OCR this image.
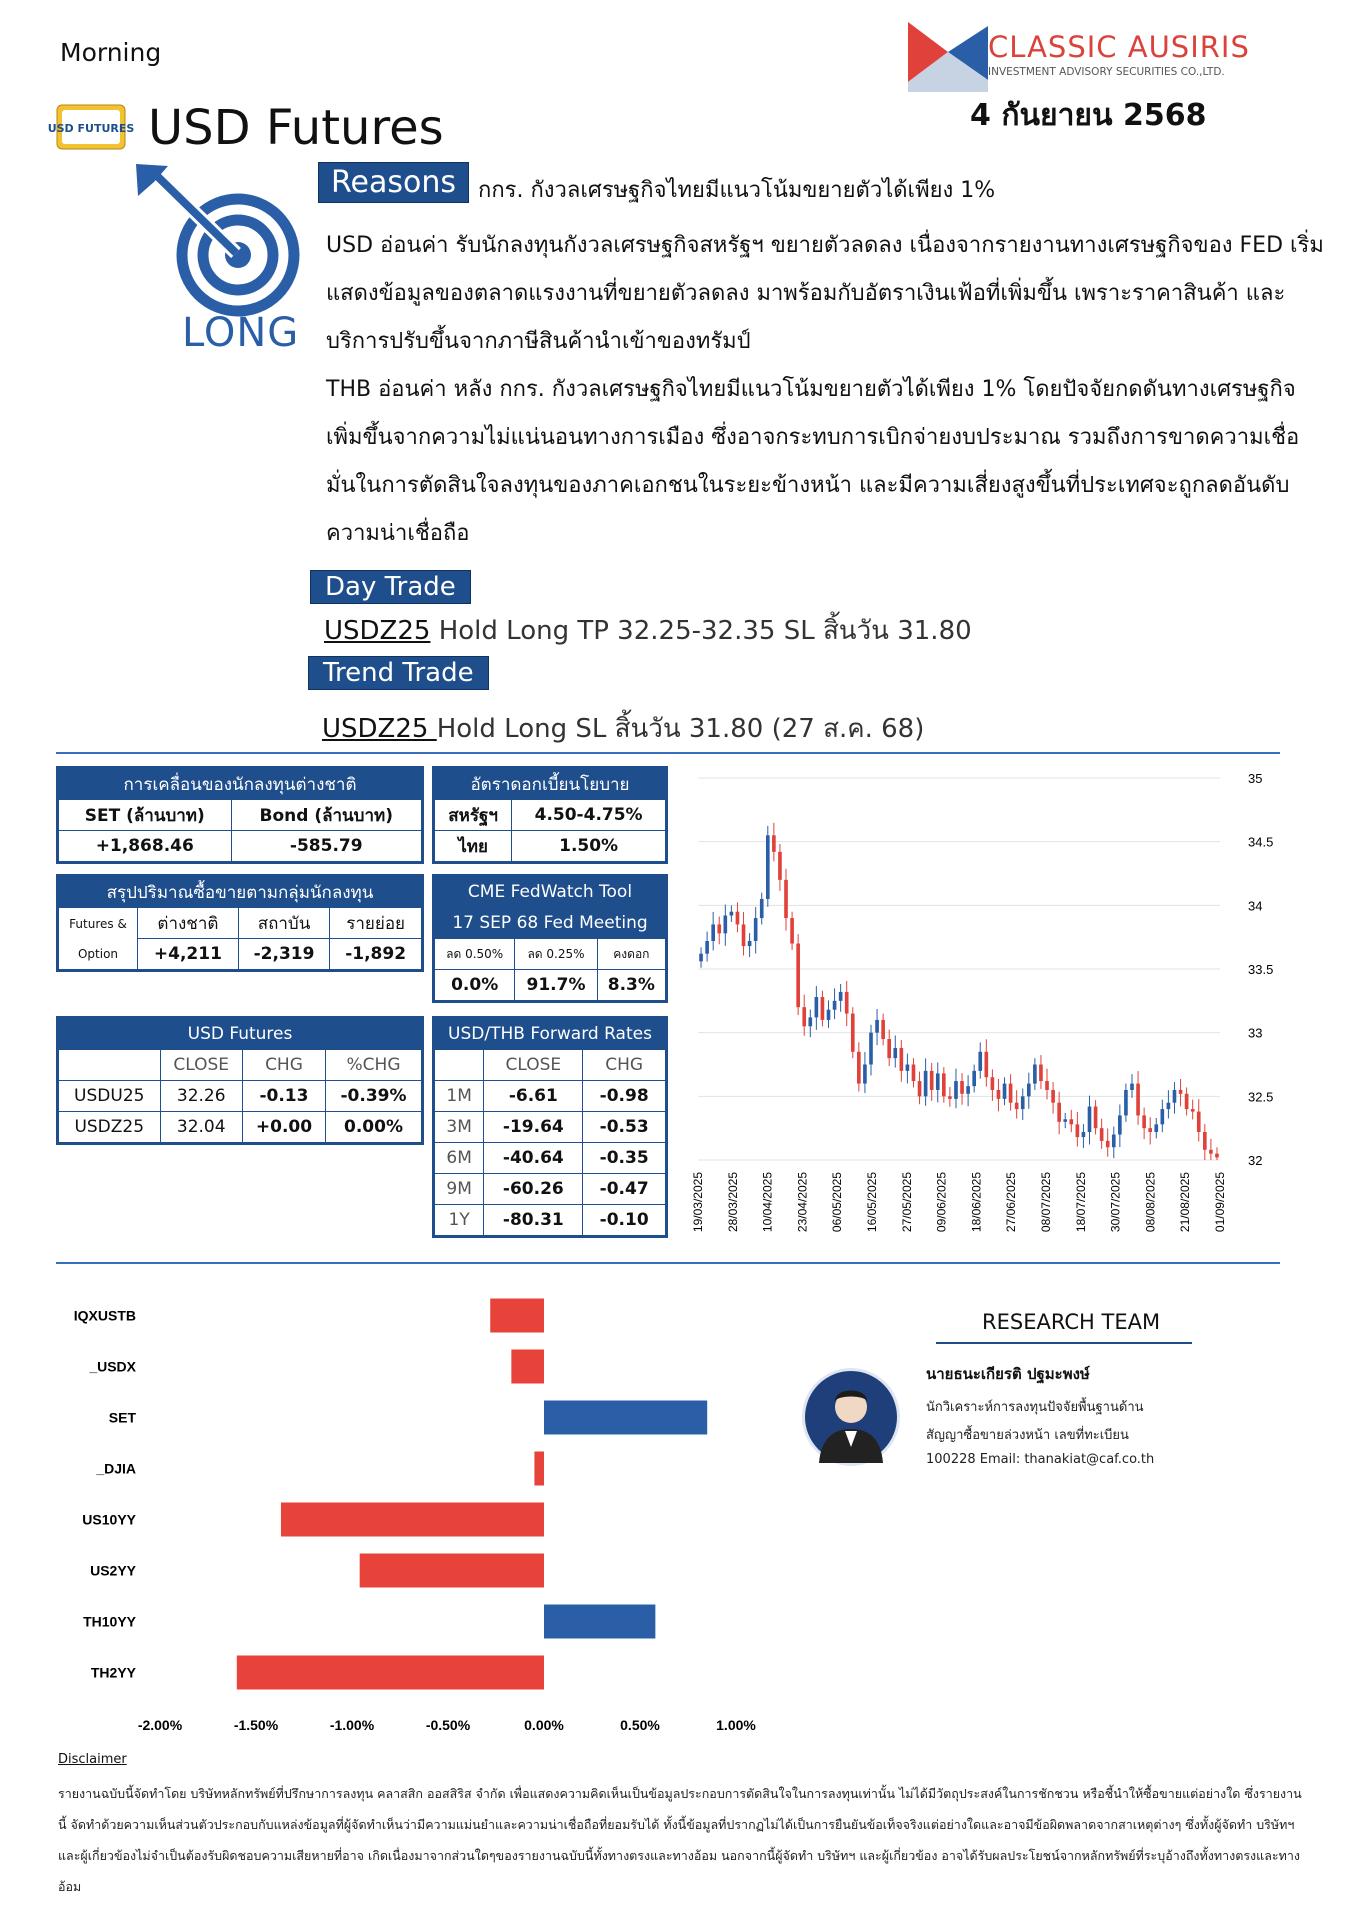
Morning	CLASSIC AUSIRIS
INVESTMENT ADVISORY SECURITIES CO.,LTD.
4 กันยายน 2568
USD FUTURES USD Futures
LONG
Reasons	กกร. กังวลเศรษฐกิจไทยมีแนวโน้มขยายตัวได้เพียง 1%
USD อ่อนค่า รับนักลงทุนกังวลเศรษฐกิจสหรัฐฯ ขยายตัวลดลง เนื่องจากรายงานทางเศรษฐกิจของ FED เริ่มแสดงข้อมูลของตลาดแรงงานที่ขยายตัวลดลง มาพร้อมกับอัตราเงินเฟ้อที่เพิ่มขึ้น เพราะราคาสินค้า และบริการปรับขึ้นจากภาษีสินค้านำเข้าของทรัมป์
THB อ่อนค่า หลัง กกร. กังวลเศรษฐกิจไทยมีแนวโน้มขยายตัวได้เพียง 1% โดยปัจจัยกดดันทางเศรษฐกิจ เพิ่มขึ้นจากความไม่แน่นอนทางการเมือง ซึ่งอาจกระทบการเบิกจ่ายงบประมาณ รวมถึงการขาดความเชื่อมั่นในการตัดสินใจลงทุนของภาคเอกชนในระยะข้างหน้า และมีความเสี่ยงสูงขึ้นที่ประเทศจะถูกลดอันดับความน่าเชื่อถือ
Day Trade
USDZ25 Hold Long TP 32.25-32.35 SL สิ้นวัน 31.80
Trend Trade
USDZ25 Hold Long SL สิ้นวัน 31.80 (27 ส.ค. 68)
การเคลื่อนของนักลงทุนต่างชาติ	
SET (ล้านบาท)	Bond (ล้านบาท)
+1,868.46	-585.79
สรุปปริมาณซื้อขายตามกลุ่มนักลงทุน			
Futures &
Option	ต่างชาติ	สถาบัน	รายย่อย
	+4,211	-2,319	-1,892
USD Futures			
	CLOSE	CHG	%CHG
USDU25	32.26	-0.13	-0.39%
USDZ25	32.04	+0.00	0.00%
อัตราดอกเบี้ยนโยบาย	
สหรัฐฯ	4.50-4.75%
ไทย	1.50%
CME FedWatch Tool		
17 SEP 68 Fed Meeting		
ลด 0.50%	ลด 0.25%	คงดอก
0.0%	91.7%	8.3%
USD/THB Forward Rates		
	CLOSE	CHG
1M	-6.61	-0.98
3M	-19.64	-0.53
6M	-40.64	-0.35
9M	-60.26	-0.47
1Y	-80.31	-0.10
35
34.5
34
33.5
33
32.5
32
19/03/2025 28/03/2025 10/04/2025 23/04/2025 06/05/2025 16/05/2025 27/05/2025 09/06/2025 18/06/2025 27/06/2025 08/07/2025 18/07/2025 30/07/2025 08/08/2025 21/08/2025 01/09/2025
IQXUSTB
_USDX
SET
_DJIA
US10YY
US2YY
TH10YY
TH2YY
-2.00%	-1.50%	-1.00%	-0.50%	0.00%	0.50%	1.00%
RESEARCH TEAM
นายธนะเกียรติ ปฐมะพงษ์
นักวิเคราะห์การลงทุนปัจจัยพื้นฐานด้าน
สัญญาซื้อขายล่วงหน้า เลขที่ทะเบียน
100228 Email: thanakiat@caf.co.th
Disclaimer
รายงานฉบับนี้จัดทำโดย บริษัทหลักทรัพย์ที่ปรึกษาการลงทุน คลาสสิก ออสสิริส จำกัด เพื่อแสดงความคิดเห็นเป็นข้อมูลประกอบการตัดสินใจในการลงทุนเท่านั้น ไม่ได้มีวัตถุประสงค์ในการชักชวน หรือชี้นำให้ซื้อขายแต่อย่างใด ซึ่งรายงานนี้ จัดทำด้วยความเห็นส่วนตัวประกอบกับแหล่งข้อมูลที่ผู้จัดทำเห็นว่ามีความแม่นยำและความน่าเชื่อถือที่ยอมรับได้ ทั้งนี้ข้อมูลที่ปรากฏไม่ได้เป็นการยืนยันข้อเท็จจริงแต่อย่างใดและอาจมีข้อผิดพลาดจากสาเหตุต่างๆ ซึ่งทั้งผู้จัดทำ บริษัทฯ และผู้เกี่ยวข้องไม่จำเป็นต้องรับผิดชอบความเสียหายที่อาจ เกิดเนื่องมาจากส่วนใดๆของรายงานฉบับนี้ทั้งทางตรงและทางอ้อม นอกจากนี้ผู้จัดทำ บริษัทฯ และผู้เกี่ยวข้อง อาจได้รับผลประโยชน์จากหลักทรัพย์ที่ระบุอ้างถึงทั้งทางตรงและทางอ้อม
